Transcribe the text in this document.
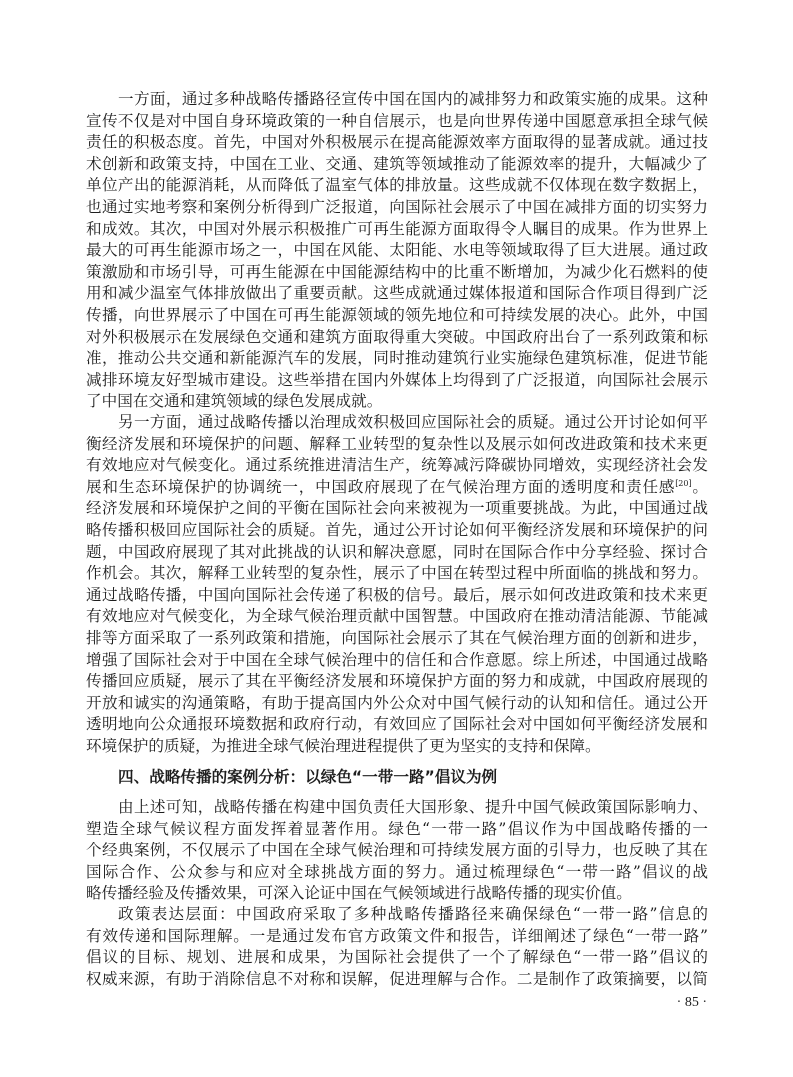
一方面，通过多种战略传播路径宣传中国在国内的减排努力和政策实施的成果。这种
宣传不仅是对中国自身环境政策的一种自信展示，也是向世界传递中国愿意承担全球气候
责任的积极态度。首先，中国对外积极展示在提高能源效率方面取得的显著成就。通过技
术创新和政策支持，中国在工业、交通、建筑等领域推动了能源效率的提升，大幅减少了
单位产出的能源消耗，从而降低了温室气体的排放量。这些成就不仅体现在数字数据上，
也通过实地考察和案例分析得到广泛报道，向国际社会展示了中国在减排方面的切实努力
和成效。其次，中国对外展示积极推广可再生能源方面取得令人瞩目的成果。作为世界上
最大的可再生能源市场之一，中国在风能、太阳能、水电等领域取得了巨大进展。通过政
策激励和市场引导，可再生能源在中国能源结构中的比重不断增加，为减少化石燃料的使
用和减少温室气体排放做出了重要贡献。这些成就通过媒体报道和国际合作项目得到广泛
传播，向世界展示了中国在可再生能源领域的领先地位和可持续发展的决心。此外，中国
对外积极展示在发展绿色交通和建筑方面取得重大突破。中国政府出台了一系列政策和标
准，推动公共交通和新能源汽车的发展，同时推动建筑行业实施绿色建筑标准，促进节能
减排环境友好型城市建设。这些举措在国内外媒体上均得到了广泛报道，向国际社会展示
了中国在交通和建筑领域的绿色发展成就。
另一方面，通过战略传播以治理成效积极回应国际社会的质疑。通过公开讨论如何平
衡经济发展和环境保护的问题、解释工业转型的复杂性以及展示如何改进政策和技术来更
有效地应对气候变化。通过系统推进清洁生产，统筹减污降碳协同增效，实现经济社会发
展和生态环境保护的协调统一，中国政府展现了在气候治理方面的透明度和责任感[20]。
经济发展和环境保护之间的平衡在国际社会向来被视为一项重要挑战。为此，中国通过战
略传播积极回应国际社会的质疑。首先，通过公开讨论如何平衡经济发展和环境保护的问
题，中国政府展现了其对此挑战的认识和解决意愿，同时在国际合作中分享经验、探讨合
作机会。其次，解释工业转型的复杂性，展示了中国在转型过程中所面临的挑战和努力。
通过战略传播，中国向国际社会传递了积极的信号。最后，展示如何改进政策和技术来更
有效地应对气候变化，为全球气候治理贡献中国智慧。中国政府在推动清洁能源、节能减
排等方面采取了一系列政策和措施，向国际社会展示了其在气候治理方面的创新和进步，
增强了国际社会对于中国在全球气候治理中的信任和合作意愿。综上所述，中国通过战略
传播回应质疑，展示了其在平衡经济发展和环境保护方面的努力和成就，中国政府展现的
开放和诚实的沟通策略，有助于提高国内外公众对中国气候行动的认知和信任。通过公开
透明地向公众通报环境数据和政府行动，有效回应了国际社会对中国如何平衡经济发展和
环境保护的质疑，为推进全球气候治理进程提供了更为坚实的支持和保障。
四、战略传播的案例分析：以绿色“一带一路”倡议为例
由上述可知，战略传播在构建中国负责任大国形象、提升中国气候政策国际影响力、
塑造全球气候议程方面发挥着显著作用。绿色“一带一路”倡议作为中国战略传播的一
个经典案例，不仅展示了中国在全球气候治理和可持续发展方面的引导力，也反映了其在
国际合作、公众参与和应对全球挑战方面的努力。通过梳理绿色“一带一路”倡议的战
略传播经验及传播效果，可深入论证中国在气候领域进行战略传播的现实价值。
政策表达层面：中国政府采取了多种战略传播路径来确保绿色“一带一路”信息的
有效传递和国际理解。一是通过发布官方政策文件和报告，详细阐述了绿色“一带一路”
倡议的目标、规划、进展和成果，为国际社会提供了一个了解绿色“一带一路”倡议的
权威来源，有助于消除信息不对称和误解，促进理解与合作。二是制作了政策摘要，以简
· 85 ·
